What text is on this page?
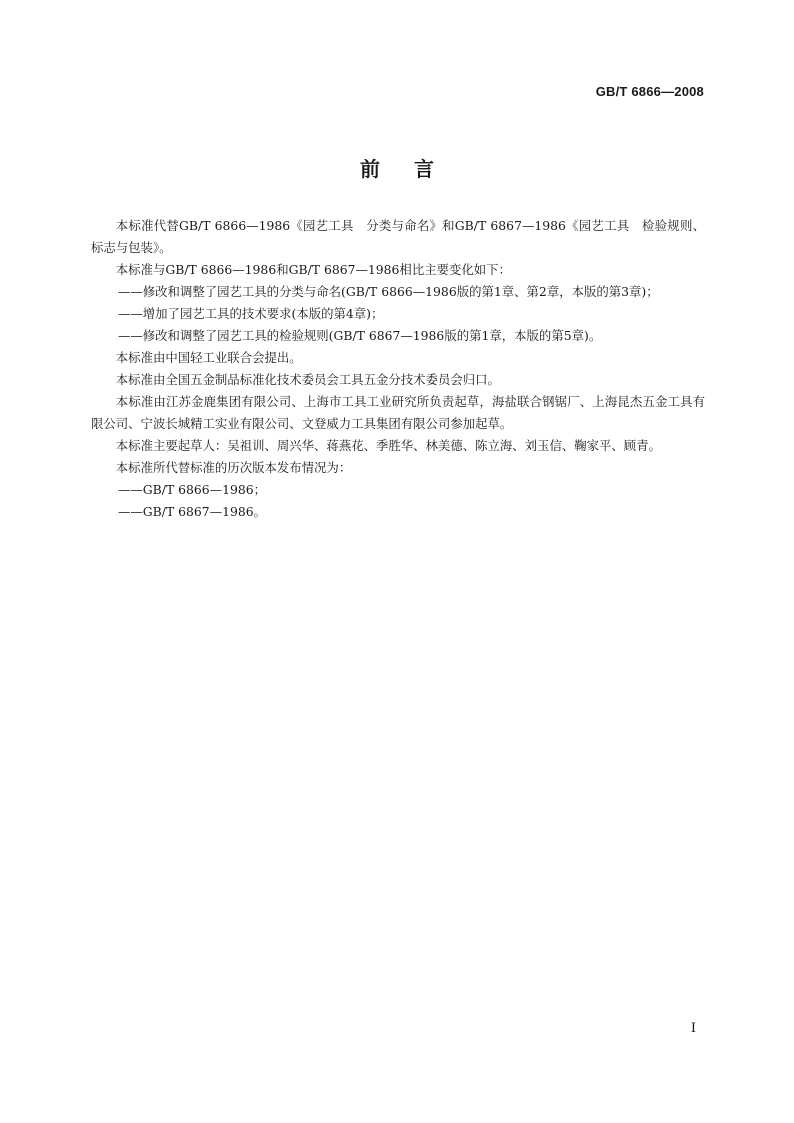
GB/T 6866—2008
前言

本标准代替GB/T 6866—1986《园艺工具　分类与命名》和GB/T 6867—1986《园艺工具　检验规则、标志与包装》。

本标准与GB/T 6866—1986和GB/T 6867—1986相比主要变化如下：

——修改和调整了园艺工具的分类与命名(GB/T 6866—1986版的第1章、第2章，本版的第3章)；

——增加了园艺工具的技术要求(本版的第4章)；

——修改和调整了园艺工具的检验规则(GB/T 6867—1986版的第1章，本版的第5章)。

本标准由中国轻工业联合会提出。

本标准由全国五金制品标准化技术委员会工具五金分技术委员会归口。

本标准由江苏金鹿集团有限公司、上海市工具工业研究所负责起草，海盐联合钢锯厂、上海昆杰五金工具有限公司、宁波长城精工实业有限公司、文登威力工具集团有限公司参加起草。

本标准主要起草人：吴祖训、周兴华、蒋燕花、季胜华、林美德、陈立海、刘玉信、鞠家平、顾青。

本标准所代替标准的历次版本发布情况为：

——GB/T 6866—1986；

——GB/T 6867—1986。

I
